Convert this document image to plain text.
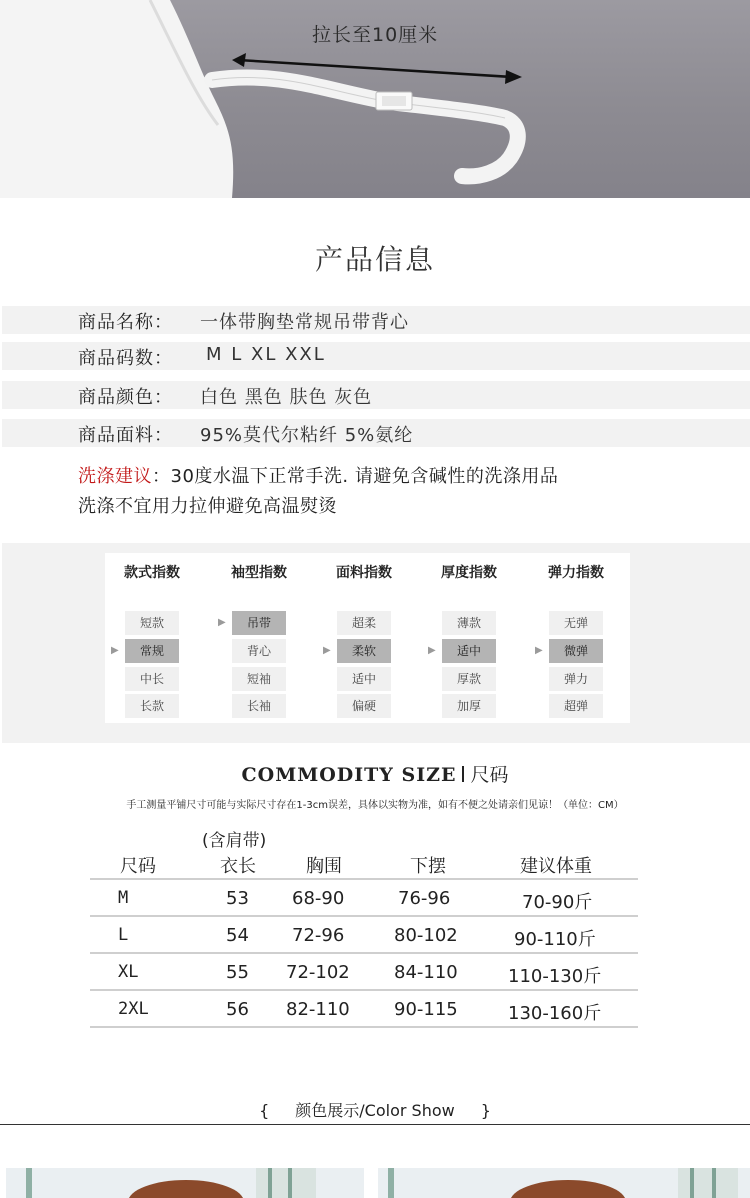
拉长至10厘米
产品信息
商品名称： 一体带胸垫常规吊带背心
商品码数： M L XL XXL
商品颜色： 白色 黑色 肤色 灰色
商品面料： 95%莫代尔粘纤 5%氨纶
洗涤建议：30度水温下正常手洗. 请避免含碱性的洗涤用品
洗涤不宜用力拉伸避免高温熨烫
款式指数
短款
常规
中长
长款
▶
袖型指数
吊带
背心
短袖
长袖
▶
面料指数
超柔
柔软
适中
偏硬
▶
厚度指数
薄款
适中
厚款
加厚
▶
弹力指数
无弹
微弹
弹力
超弹
▶
COMMODITY SIZE 尺码
手工测量平铺尺寸可能与实际尺寸存在1-3cm误差，具体以实物为准，如有不便之处请亲们见谅！（单位：CM）
(含肩带)
尺码	衣长	胸围	下摆	建议体重
M	53 68-90	76-96	70-90斤
L	54 72-96	80-102	90-110斤
XL	55 72-102 84-110	110-130斤
2XL	56 82-110 90-115	130-160斤
{ 颜色展示/Color Show }
